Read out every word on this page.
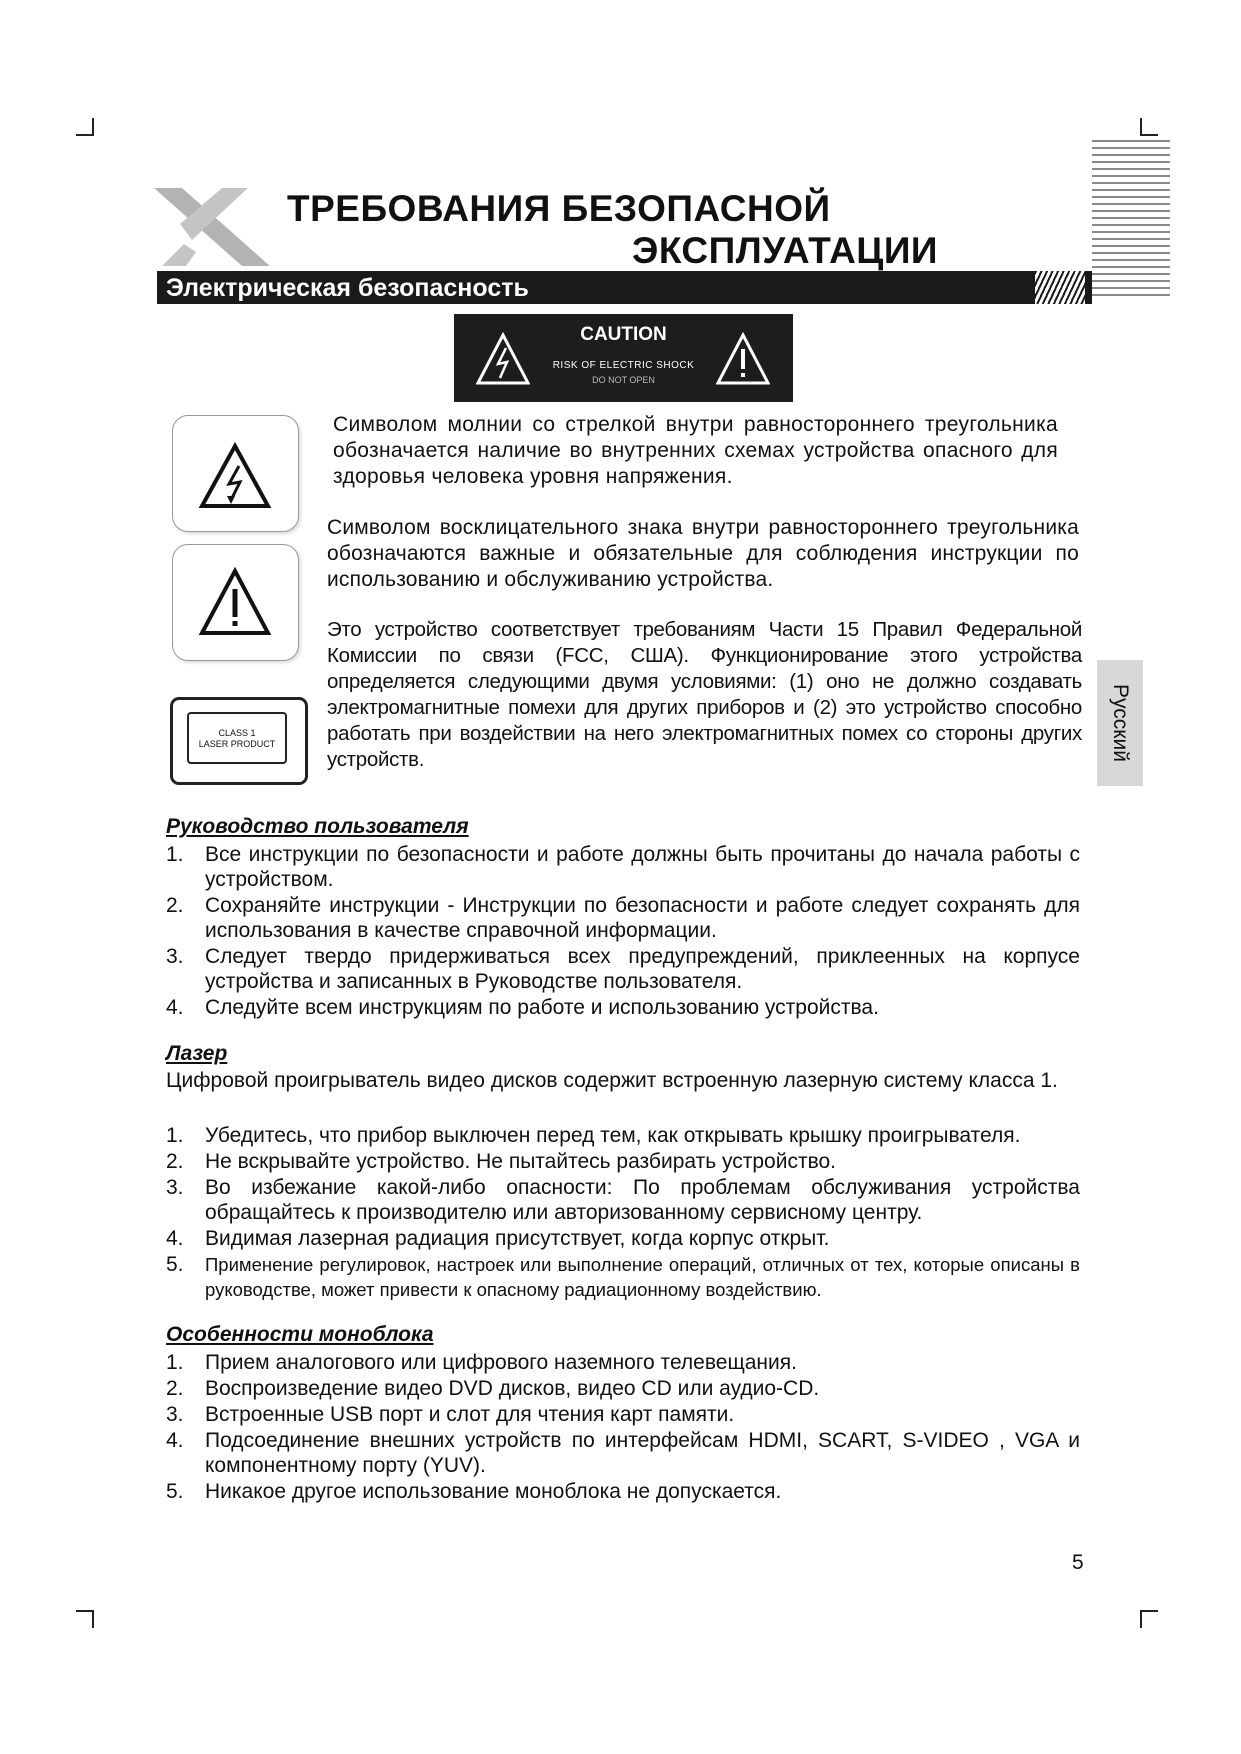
ТРЕБОВАНИЯ БЕЗОПАСНОЙ
ЭКСПЛУАТАЦИИ
Электрическая безопасность
CAUTION
RISK OF ELECTRIC SHOCK
DO NOT OPEN
CLASS 1
LASER PRODUCT
Символом молнии со стрелкой внутри равностороннего треугольника обозначается наличие во внутренних схемах устройства опасного для здоровья человека уровня напряжения.
Символом восклицательного знака внутри равностороннего треугольника обозначаются важные и обязательные для соблюдения инструкции по использованию и обслуживанию устройства.
Это устройство соответствует требованиям Части 15 Правил Федеральной Комиссии по связи (FCC, США). Функционирование этого устройства определяется следующими двумя условиями: (1) оно не должно создавать электромагнитные помехи для других приборов и (2) это устройство способно работать при воздействии на него электромагнитных помех со стороны других устройств.	Русский
Руководство пользователя
1. Все инструкции по безопасности и работе должны быть прочитаны до начала работы с устройством.
2. Сохраняйте инструкции - Инструкции по безопасности и работе следует сохранять для использования в качестве справочной информации.
3. Следует твердо придерживаться всех предупреждений, приклеенных на корпусе устройства и записанных в Руководстве пользователя.
4. Следуйте всем инструкциям по работе и использованию устройства.
Лазер
Цифровой проигрыватель видео дисков содержит встроенную лазерную систему класса 1.
1. Убедитесь, что прибор выключен перед тем, как открывать крышку проигрывателя.
2. Не вскрывайте устройство. Не пытайтесь разбирать устройство.
3. Во избежание какой-либо опасности: По проблемам обслуживания устройства обращайтесь к производителю или авторизованному сервисному центру.
4. Видимая лазерная радиация присутствует, когда корпус открыт.
5. Применение регулировок, настроек или выполнение операций, отличных от тех, которые описаны в руководстве, может привести к опасному радиационному воздействию.
Особенности моноблока
1. Прием аналогового или цифрового наземного телевещания.
2. Воспроизведение видео DVD дисков, видео CD или аудио-CD.
3. Встроенные USB порт и слот для чтения карт памяти.
4. Подсоединение внешних устройств по интерфейсам HDMI, SCART, S-VIDEO , VGA и компонентному порту (YUV).
5. Никакое другое использование моноблока не допускается.
5
